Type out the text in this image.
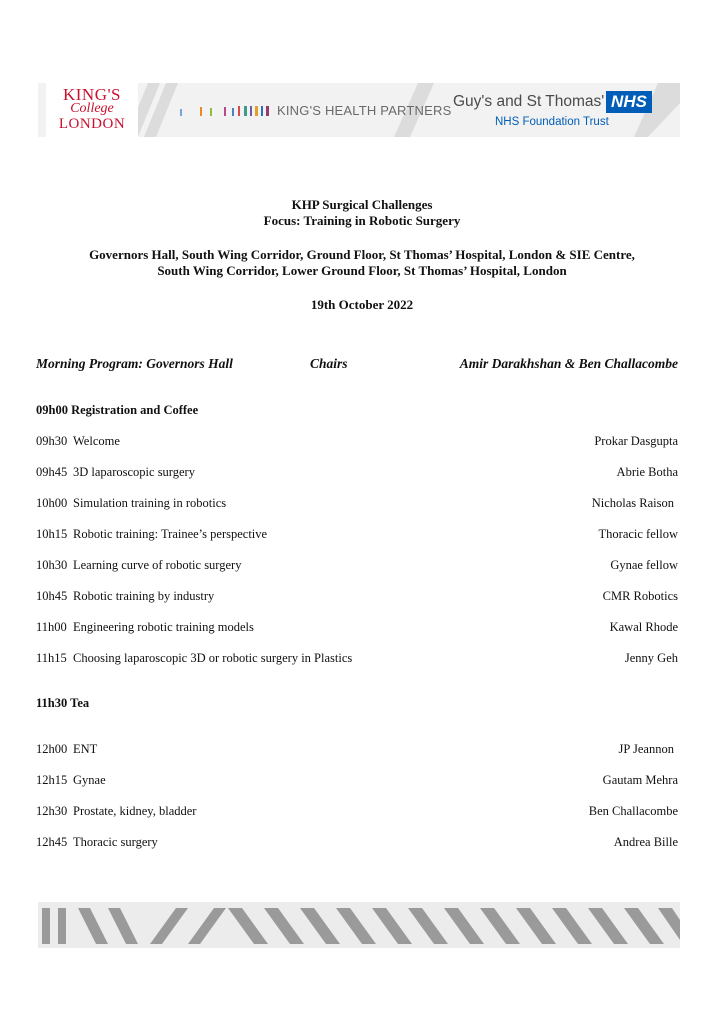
KING'S
College
LONDON
KING'S HEALTH PARTNERS
Guy's and St Thomas' NHS
NHS Foundation Trust
KHP Surgical Challenges
Focus: Training in Robotic Surgery
Governors Hall, South Wing Corridor, Ground Floor, St Thomas’ Hospital, London & SIE Centre,
South Wing Corridor, Lower Ground Floor, St Thomas’ Hospital, London
19th October 2022
Morning Program: Governors Hall	Chairs	Amir Darakhshan & Ben Challacombe
09h00 Registration and Coffee
09h30 Welcome	Prokar Dasgupta
09h45 3D laparoscopic surgery	Abrie Botha
10h00 Simulation training in robotics	Nicholas Raison
10h15 Robotic training: Trainee’s perspective	Thoracic fellow
10h30 Learning curve of robotic surgery	Gynae fellow
10h45 Robotic training by industry	CMR Robotics
11h00 Engineering robotic training models	Kawal Rhode
11h15 Choosing laparoscopic 3D or robotic surgery in Plastics	Jenny Geh
11h30 Tea
12h00 ENT	JP Jeannon
12h15 Gynae	Gautam Mehra
12h30 Prostate, kidney, bladder	Ben Challacombe
12h45 Thoracic surgery	Andrea Bille
